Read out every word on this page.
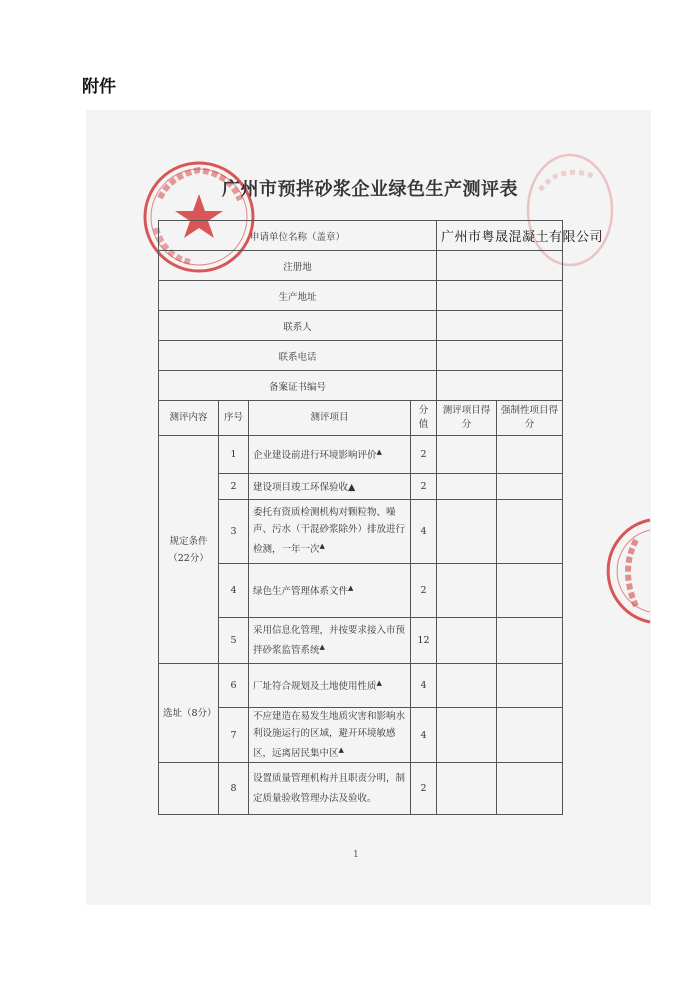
附件
广州市预拌砂浆企业绿色生产测评表
申请单位名称（盖章）				广州市粤晟混凝土有限公司	
注册地					
生产地址					
联系人					
联系电话					
备案证书编号					
测评内容	序号	测评项目	分值	测评项目得分	强制性项目得分
规定条件（22分）	1	企业建设前进行环境影响评价▲	2		
	2	建设项目竣工环保验收▲	2		
	3	委托有资质检测机构对颗粒物、噪声、污水（干混砂浆除外）排放进行检测，一年一次▲	4		
	4	绿色生产管理体系文件▲	2		
	5	采用信息化管理，并按要求接入市预拌砂浆监管系统▲	12		
选址（8分）	6	厂址符合规划及土地使用性质▲	4		
	7	不应建造在易发生地质灾害和影响水利设施运行的区域，避开环境敏感区，远离居民集中区▲	4		
	8	设置质量管理机构并且职责分明，制定质量验收管理办法及验收。	2		
1
